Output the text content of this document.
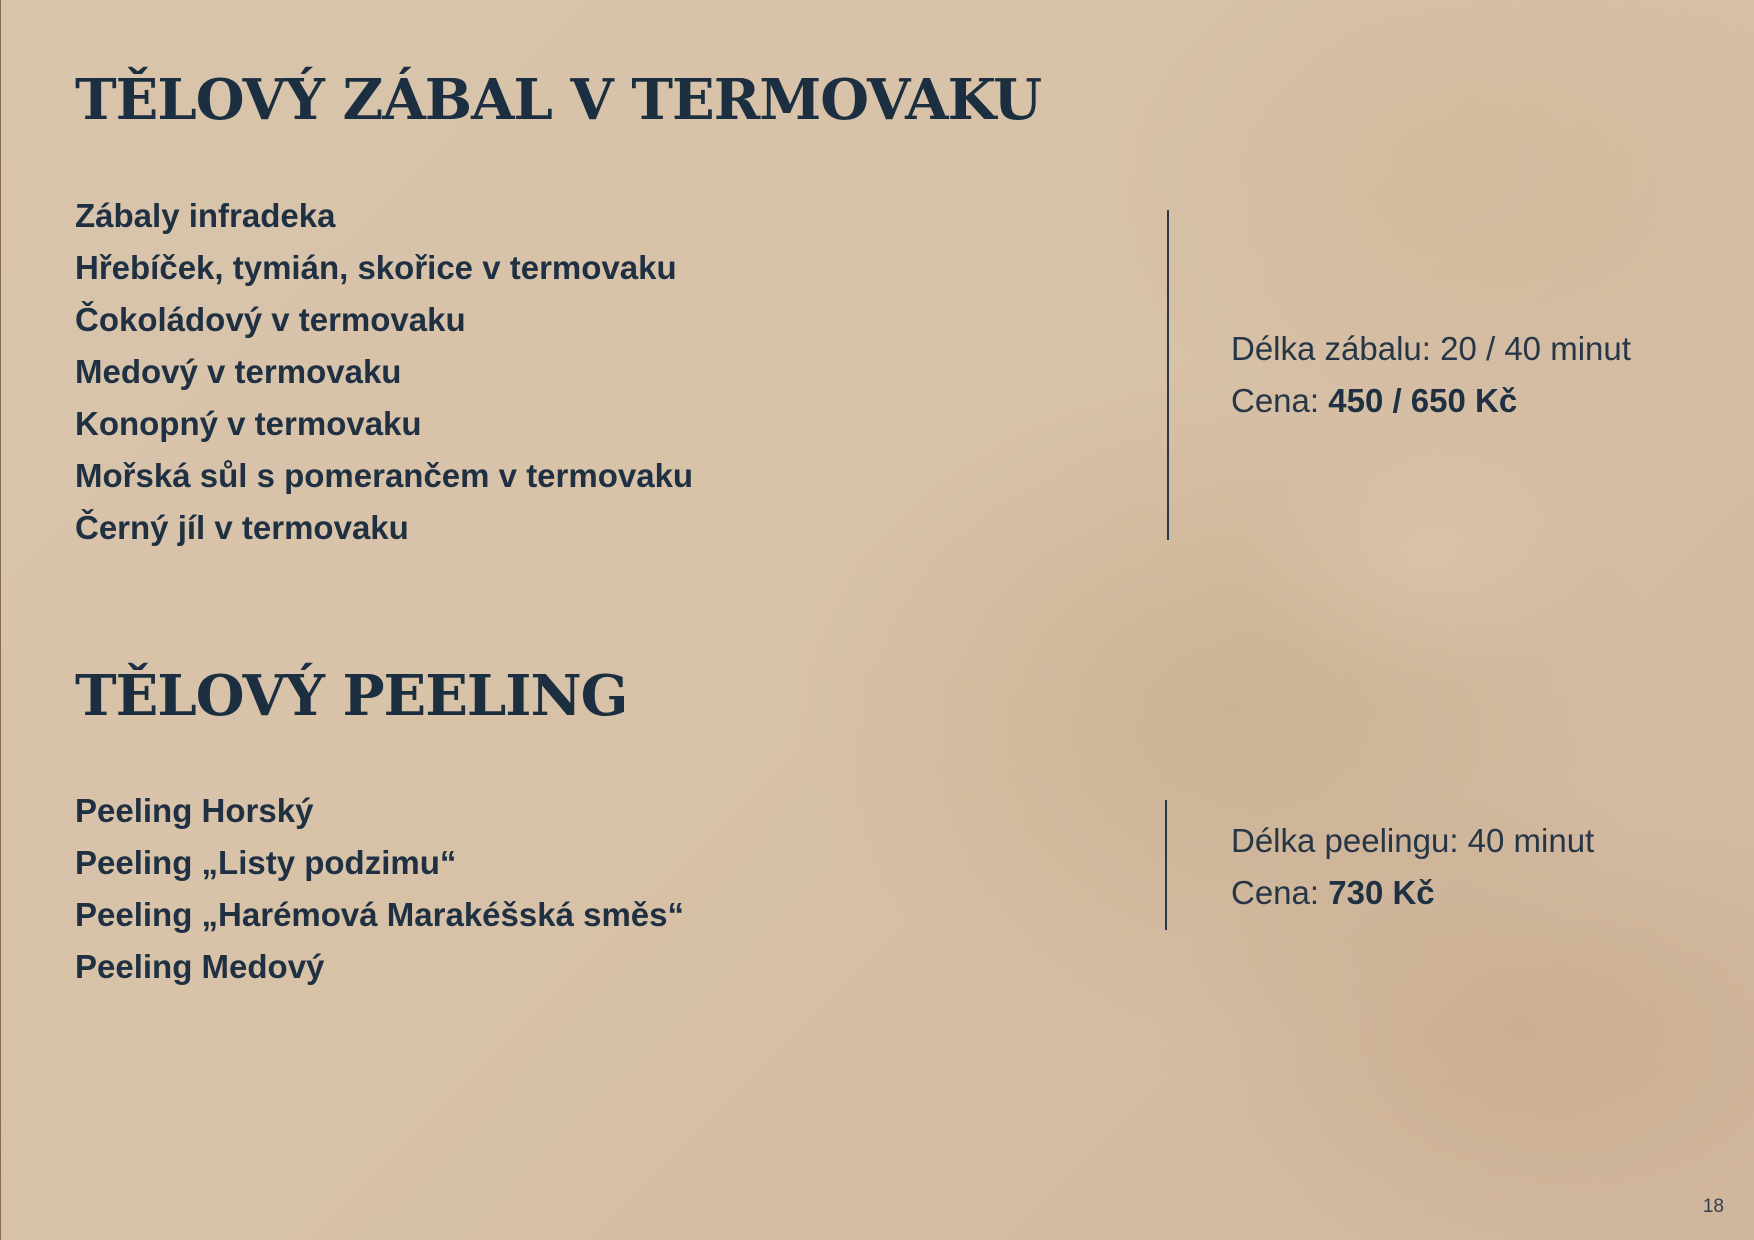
TĚLOVÝ ZÁBAL V TERMOVAKU
Zábaly infradeka
Hřebíček, tymián, skořice v termovaku
Čokoládový v termovaku
Medový v termovaku
Konopný v termovaku
Mořská sůl s pomerančem v termovaku
Černý jíl v termovaku
Délka zábalu: 20 / 40 minut
Cena: 450 / 650 Kč
TĚLOVÝ PEELING
Peeling Horský
Peeling „Listy podzimu“
Peeling „Harémová Marakéšská směs“
Peeling Medový
Délka peelingu: 40 minut
Cena: 730 Kč
18
